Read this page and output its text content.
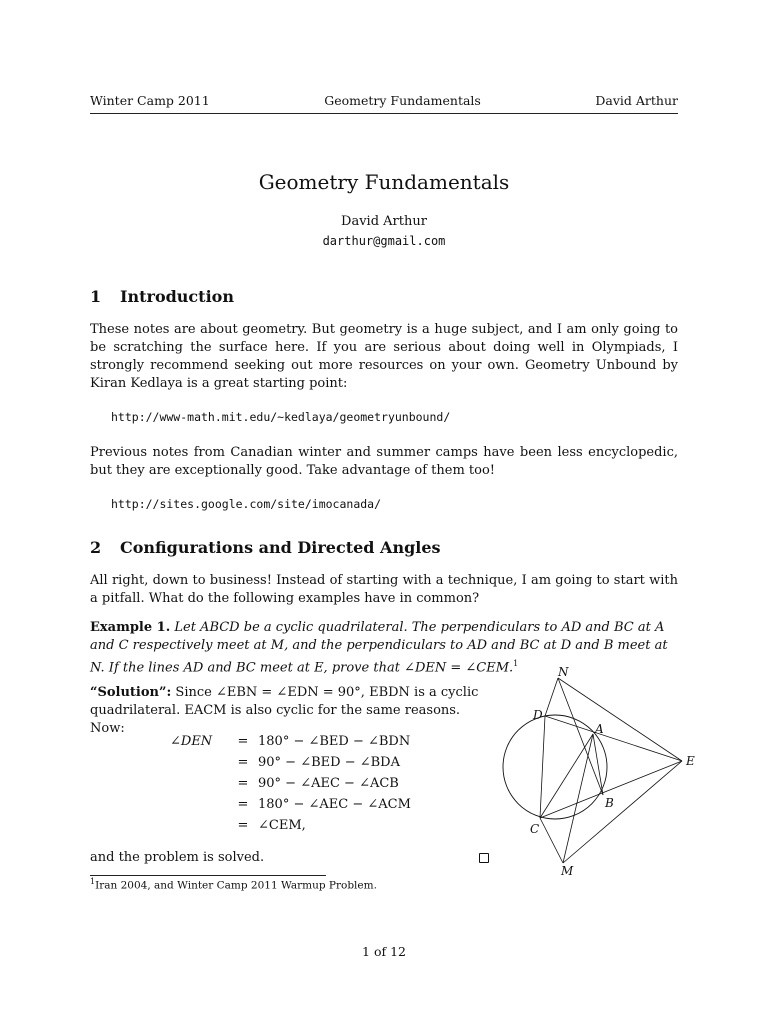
Winter Camp 2011	Geometry Fundamentals	David Arthur
Geometry Fundamentals
David Arthur
darthur@gmail.com
1 Introduction
These notes are about geometry. But geometry is a huge subject, and I am only going to be scratching the surface here. If you are serious about doing well in Olympiads, I strongly recommend seeking out more resources on your own. Geometry Unbound by Kiran Kedlaya is a great starting point:
http://www-math.mit.edu/~kedlaya/geometryunbound/
Previous notes from Canadian winter and summer camps have been less encyclopedic, but they are exceptionally good. Take advantage of them too!
http://sites.google.com/site/imocanada/
2 Configurations and Directed Angles
All right, down to business! Instead of starting with a technique, I am going to start with a pitfall. What do the following examples have in common?
Example 1. Let ABCD be a cyclic quadrilateral. The perpendiculars to AD and BC at A and C respectively meet at M, and the perpendiculars to AD and BC at D and B meet at N. If the lines AD and BC meet at E, prove that ∠DEN = ∠CEM.$^1$
“Solution”: Since ∠EBN = ∠EDN = 90°, EBDN is a cyclic quadrilateral. EACM is also cyclic for the same reasons. Now:
∠DEN	= 180° − ∠BED − ∠BDN
= 90° − ∠BED − ∠BDA
= 90° − ∠AEC − ∠ACB
= 180° − ∠AEC − ∠ACM
= ∠CEM,
and the problem is solved.
N
D
A
E
B
C
M
$^1$Iran 2004, and Winter Camp 2011 Warmup Problem.
1 of 12
